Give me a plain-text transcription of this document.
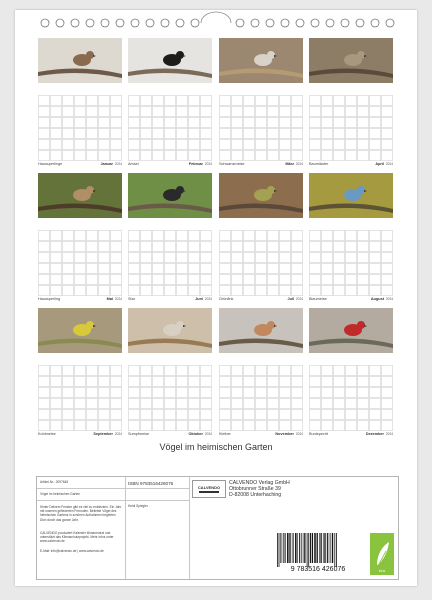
Haussperlinge	Januar 2024 Amsel	Februar 2024 Schwanzmeise	März 2024 Baumläufer	April 2024
Haussperling	Mai 2024 Star	Juni 2024 Grünfink	Juli 2024 Blaumeise	August 2024
Kohlmeise	September 2024 Sumpfmeise	Oktober 2024 Kleiber	November 2024 Buntspecht	Dezember 2024
Vögel im heimischen Garten
Artikel-Nr.: 2097645
Vögel im heimischen Garten
Hinter Deinem Fenster gibt es viel zu entdecken. Ein Jahr mit unseren gefiederten Freunden. Beliebte Vögel des heimischen Gartens in schönen Aufnahmen begleiten Dich durch das ganze Jahr.
CALVENDO produziert Kalender klimaneutral und unterstützt das Klimaschutzprojekt. Mehr Infos unter www.calvendo.de
E-Mail: info@calvendo.de | www.calvendo.de
ISBN 9783516426076
Heidi Spiegler
CALVENDO
CALVENDO Verlag GmbH
Ottobrunner Straße 39
D-82008 Unterhaching
9 783516 426076	eco
